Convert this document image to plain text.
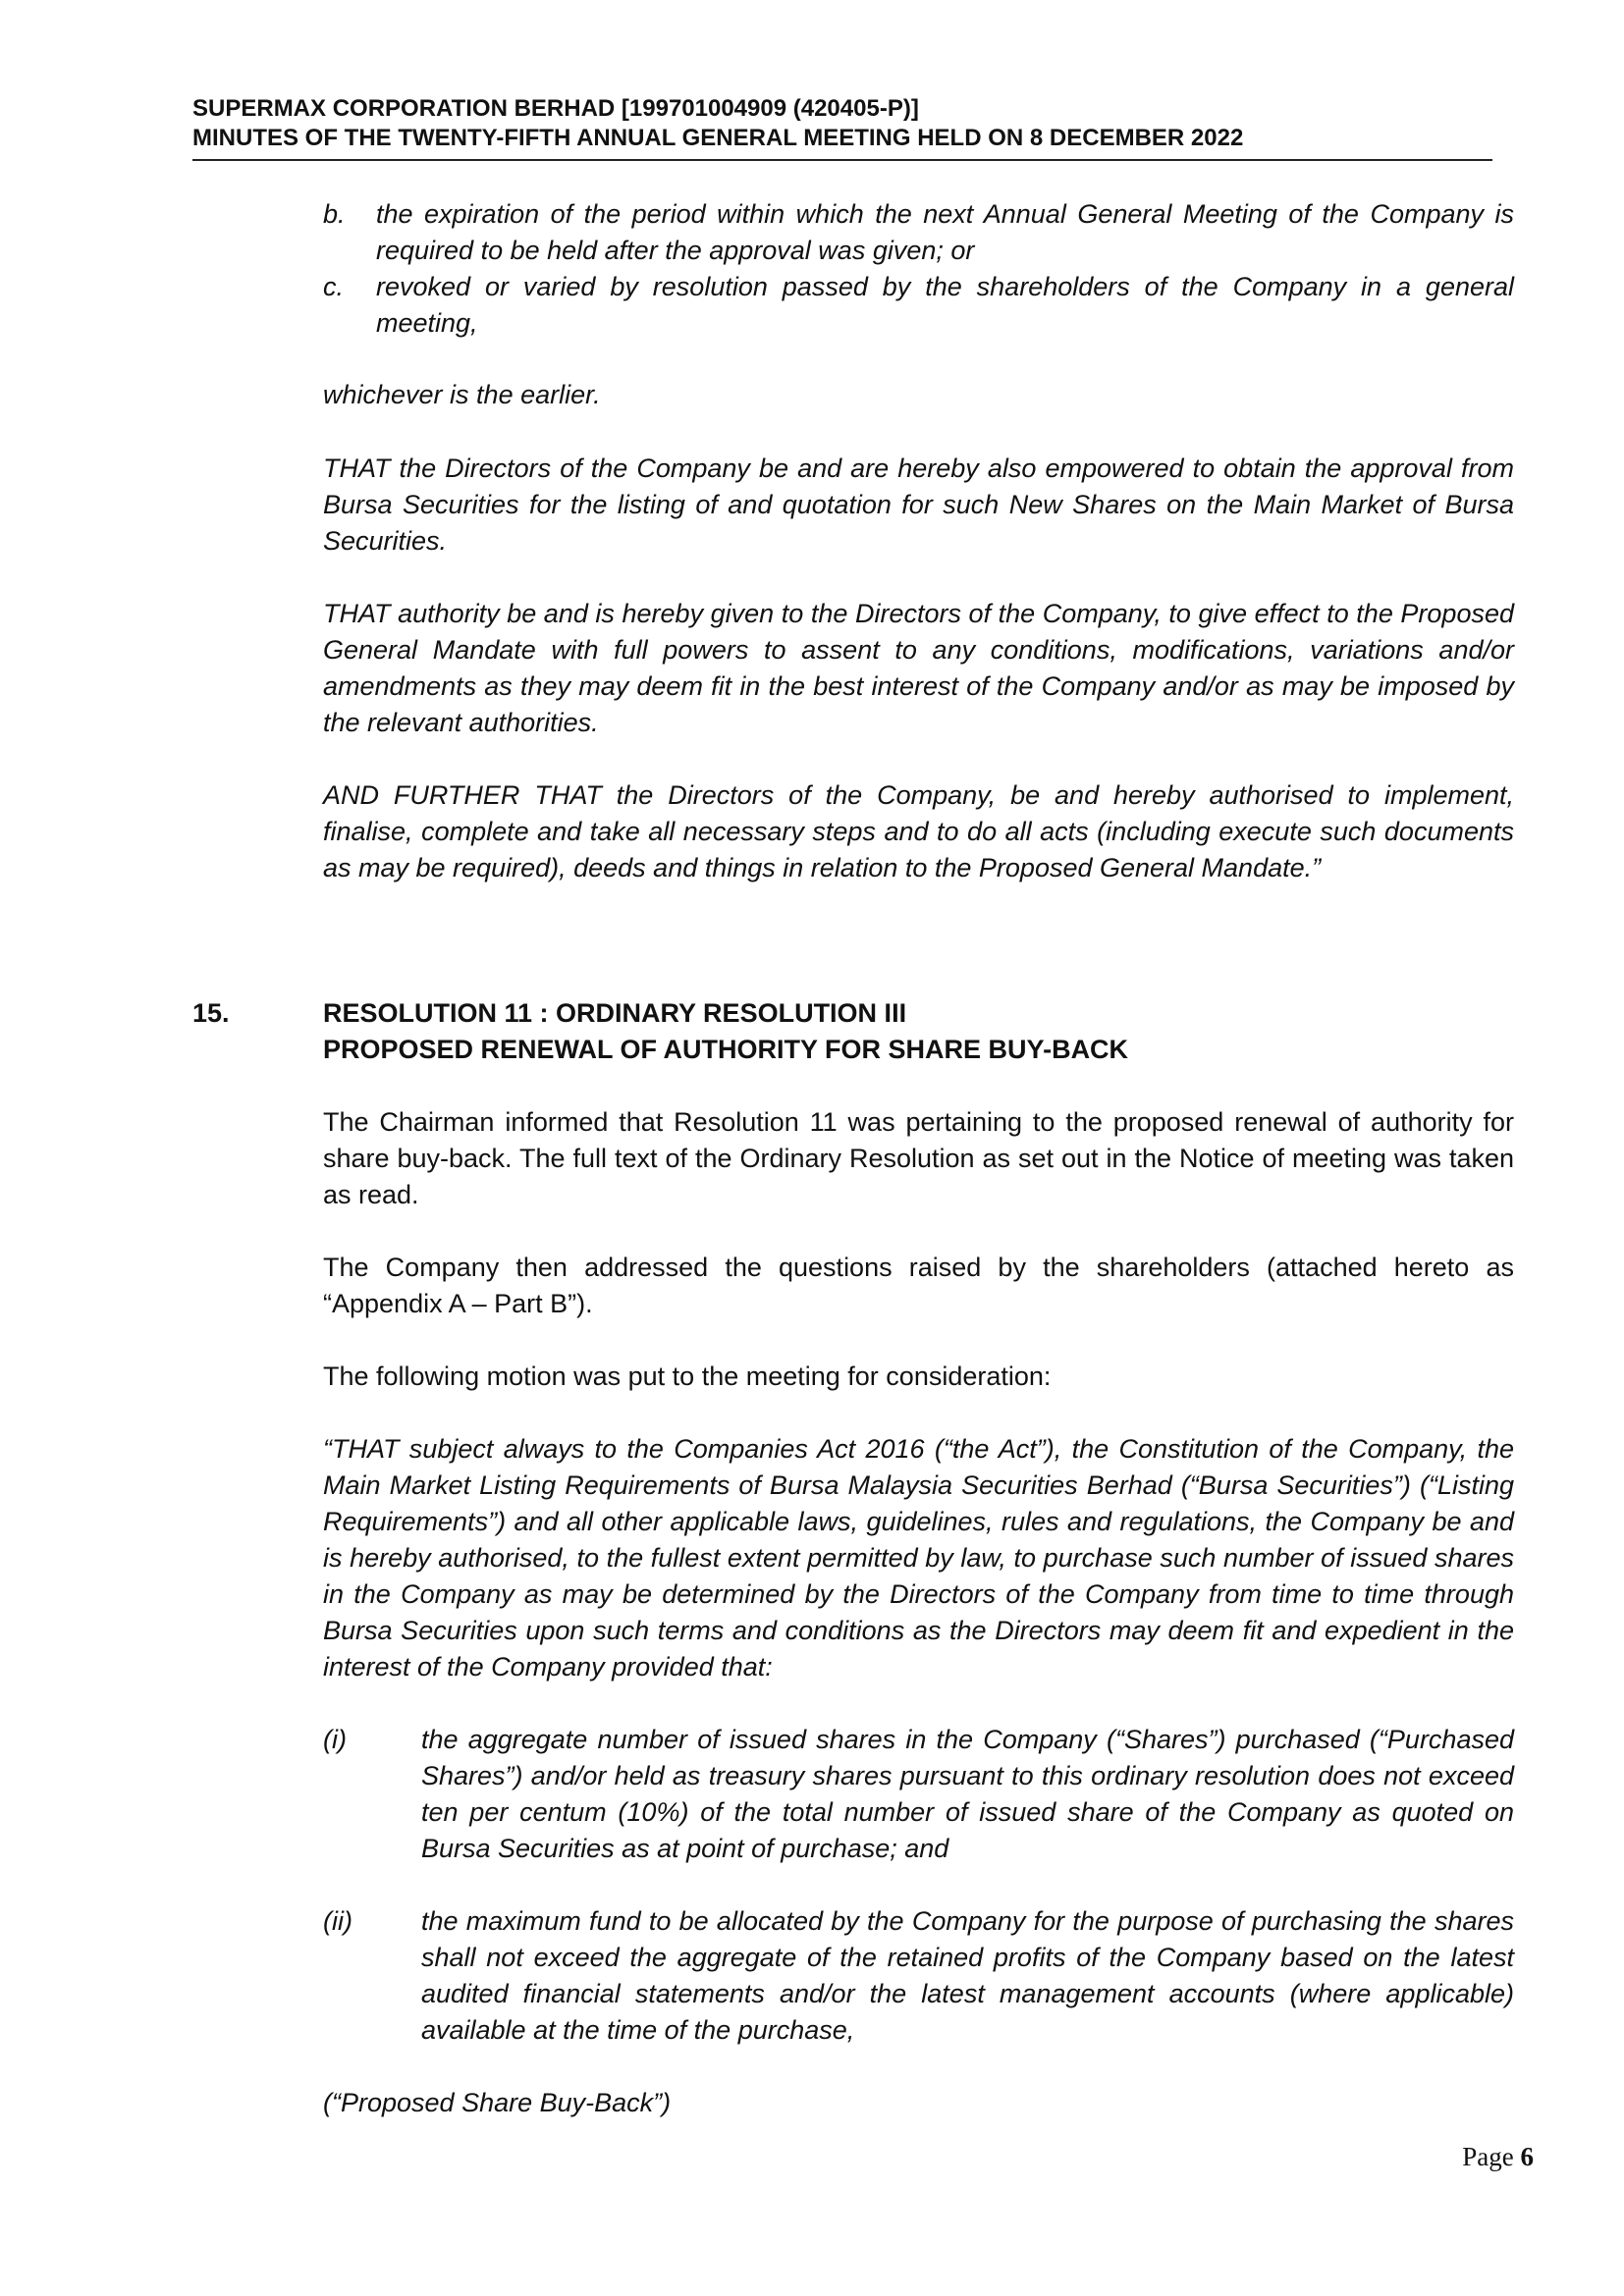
SUPERMAX CORPORATION BERHAD [199701004909 (420405-P)]
MINUTES OF THE TWENTY-FIFTH ANNUAL GENERAL MEETING HELD ON 8 DECEMBER 2022
b. the expiration of the period within which the next Annual General Meeting of the Company is required to be held after the approval was given; or

c. revoked or varied by resolution passed by the shareholders of the Company in a general meeting,

whichever is the earlier.

THAT the Directors of the Company be and are hereby also empowered to obtain the approval from Bursa Securities for the listing of and quotation for such New Shares on the Main Market of Bursa Securities.

THAT authority be and is hereby given to the Directors of the Company, to give effect to the Proposed General Mandate with full powers to assent to any conditions, modifications, variations and/or amendments as they may deem fit in the best interest of the Company and/or as may be imposed by the relevant authorities.

AND FURTHER THAT the Directors of the Company, be and hereby authorised to implement, finalise, complete and take all necessary steps and to do all acts (including execute such documents as may be required), deeds and things in relation to the Proposed General Mandate.”

15.	RESOLUTION 11 : ORDINARY RESOLUTION III
PROPOSED RENEWAL OF AUTHORITY FOR SHARE BUY-BACK

The Chairman informed that Resolution 11 was pertaining to the proposed renewal of authority for share buy-back. The full text of the Ordinary Resolution as set out in the Notice of meeting was taken as read.

The Company then addressed the questions raised by the shareholders (attached hereto as “Appendix A – Part B”).

The following motion was put to the meeting for consideration:

“THAT subject always to the Companies Act 2016 (“the Act”), the Constitution of the Company, the Main Market Listing Requirements of Bursa Malaysia Securities Berhad (“Bursa Securities”) (“Listing Requirements”) and all other applicable laws, guidelines, rules and regulations, the Company be and is hereby authorised, to the fullest extent permitted by law, to purchase such number of issued shares in the Company as may be determined by the Directors of the Company from time to time through Bursa Securities upon such terms and conditions as the Directors may deem fit and expedient in the interest of the Company provided that:

(i)	the aggregate number of issued shares in the Company (“Shares”) purchased (“Purchased Shares”) and/or held as treasury shares pursuant to this ordinary resolution does not exceed ten per centum (10%) of the total number of issued share of the Company as quoted on Bursa Securities as at point of purchase; and

(ii)	the maximum fund to be allocated by the Company for the purpose of purchasing the shares shall not exceed the aggregate of the retained profits of the Company based on the latest audited financial statements and/or the latest management accounts (where applicable) available at the time of the purchase,

(“Proposed Share Buy-Back”)

Page 6
